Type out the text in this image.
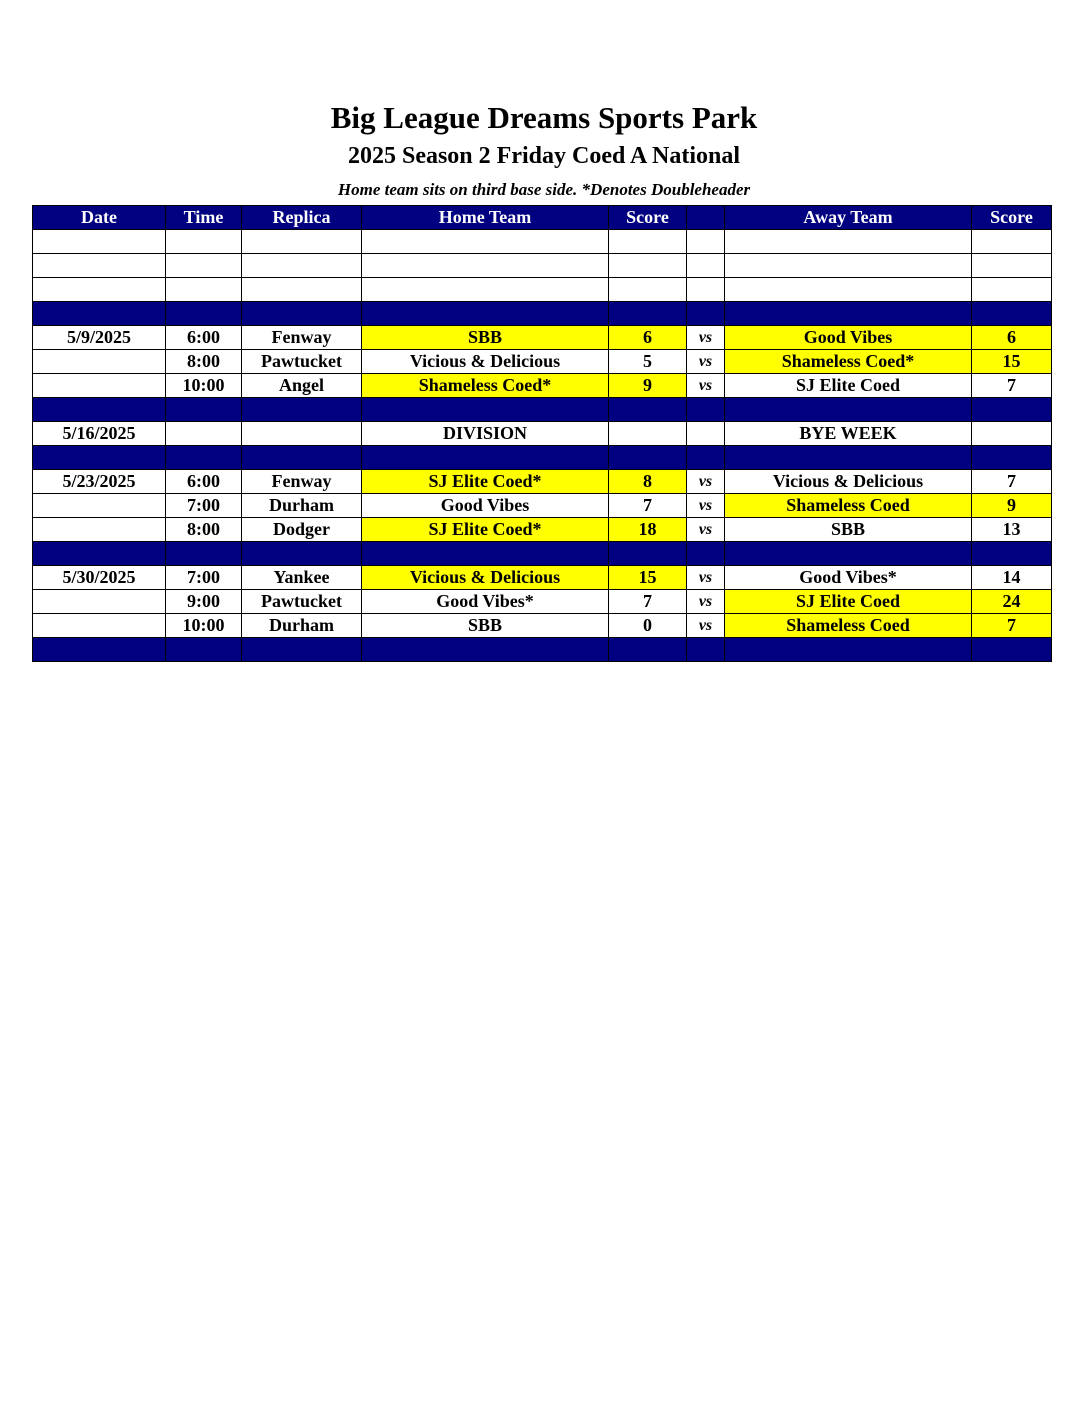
Big League Dreams Sports Park
2025 Season 2 Friday Coed A National
Home team sits on third base side. *Denotes Doubleheader
Date	Time	Replica	Home Team	Score		Away Team	Score

5/9/2025	6:00	Fenway	SBB	6	vs	Good Vibes	6
	8:00	Pawtucket	Vicious & Delicious	5	vs	Shameless Coed*	15
	10:00	Angel	Shameless Coed*	9	vs	SJ Elite Coed	7

5/16/2025			DIVISION			BYE WEEK	

5/23/2025	6:00	Fenway	SJ Elite Coed*	8	vs	Vicious & Delicious	7
	7:00	Durham	Good Vibes	7	vs	Shameless Coed	9
	8:00	Dodger	SJ Elite Coed*	18	vs	SBB	13

5/30/2025	7:00	Yankee	Vicious & Delicious	15	vs	Good Vibes*	14
	9:00	Pawtucket	Good Vibes*	7	vs	SJ Elite Coed	24
	10:00	Durham	SBB	0	vs	Shameless Coed	7
